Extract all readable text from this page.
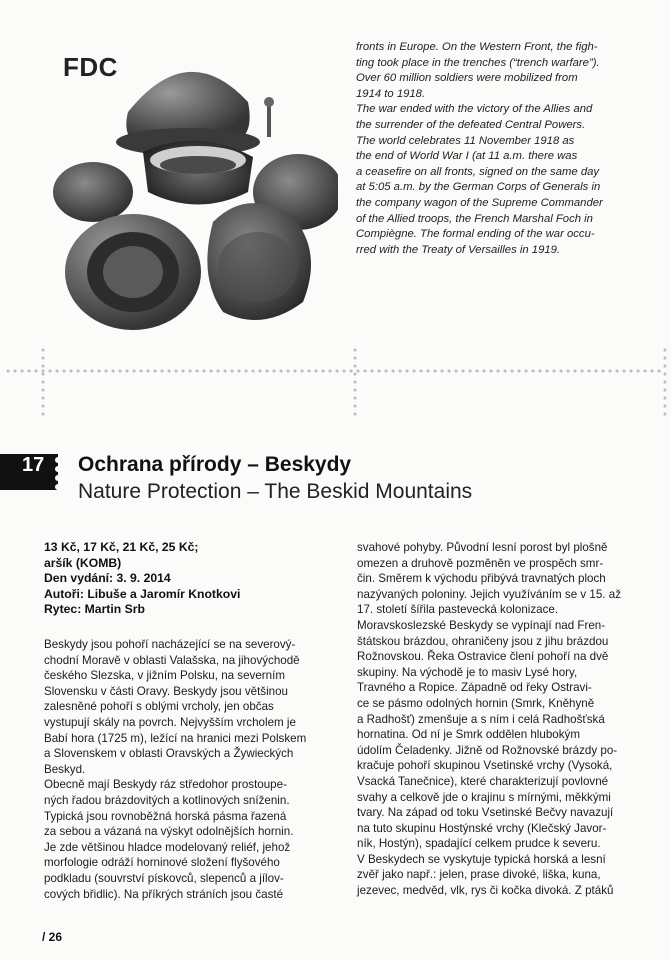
FDC

fronts in Europe. On the Western Front, the figh-

ting took place in the trenches (“trench warfare”).

Over 60 million soldiers were mobilized from

1914 to 1918.

The war ended with the victory of the Allies and

the surrender of the defeated Central Powers.

The world celebrates 11 November 1918 as

the end of World War I (at 11 a.m. there was

a ceasefire on all fronts, signed on the same day

at 5:05 a.m. by the German Corps of Generals in

the company wagon of the Supreme Commander

of the Allied troops, the French Marshal Foch in

Compiègne. The formal ending of the war occu-

rred with the Treaty of Versailles in 1919.

17 Ochrana přírody – Beskydy
Nature Protection – The Beskid Mountains
13 Kč, 17 Kč, 21 Kč, 25 Kč;
aršík (KOMB)
Den vydání: 3. 9. 2014
Autoři: Libuše a Jaromír Knotkovi
Rytec: Martin Srb

Beskydy jsou pohoří nacházející se na severový-

chodní Moravě v oblasti Valašska, na jihovýchodě

českého Slezska, v jižním Polsku, na severním

Slovensku v části Oravy. Beskydy jsou většinou

zalesněné pohoří s oblými vrcholy, jen občas

vystupují skály na povrch. Nejvyšším vrcholem je

Babí hora (1725 m), ležící na hranici mezi Polskem

a Slovenskem v oblasti Oravských a Žywieckých

Beskyd.

Obecně mají Beskydy ráz středohor prostoupe-

ných řadou brázdovitých a kotlinových sníženin.

Typická jsou rovnoběžná horská pásma řazená

za sebou a vázaná na výskyt odolnějších hornin.

Je zde většinou hladce modelovaný reliéf, jehož

morfologie odráží horninové složení flyšového

podkladu (souvrství pískovců, slepenců a jílov-

cových břidlic). Na příkrých stráních jsou časté

svahové pohyby. Původní lesní porost byl plošně

omezen a druhově pozměněn ve prospěch smr-

čin. Směrem k východu přibývá travnatých ploch

nazývaných poloniny. Jejich využíváním se v 15. až

17. století šířila pastevecká kolonizace.

Moravskoslezské Beskydy se vypínají nad Fren-

štátskou brázdou, ohraničeny jsou z jihu brázdou

Rožnovskou. Řeka Ostravice člení pohoří na dvě

skupiny. Na východě je to masiv Lysé hory,

Travného a Ropice. Západně od řeky Ostravi-

ce se pásmo odolných hornin (Smrk, Kněhyně

a Radhošť) zmenšuje a s ním i celá Radhošťská

hornatina. Od ní je Smrk oddělen hlubokým

údolím Čeladenky. Jižně od Rožnovské brázdy po-

kračuje pohoří skupinou Vsetinské vrchy (Vysoká,

Vsacká Tanečnice), které charakterizují povlovné

svahy a celkově jde o krajinu s mírnými, měkkými

tvary. Na západ od toku Vsetinské Bečvy navazují

na tuto skupinu Hostýnské vrchy (Klečský Javor-

ník, Hostýn), spadající celkem prudce k severu.

V Beskydech se vyskytuje typická horská a lesní

zvěř jako např.: jelen, prase divoké, liška, kuna,

jezevec, medvěd, vlk, rys či kočka divoká. Z ptáků

/ 26
